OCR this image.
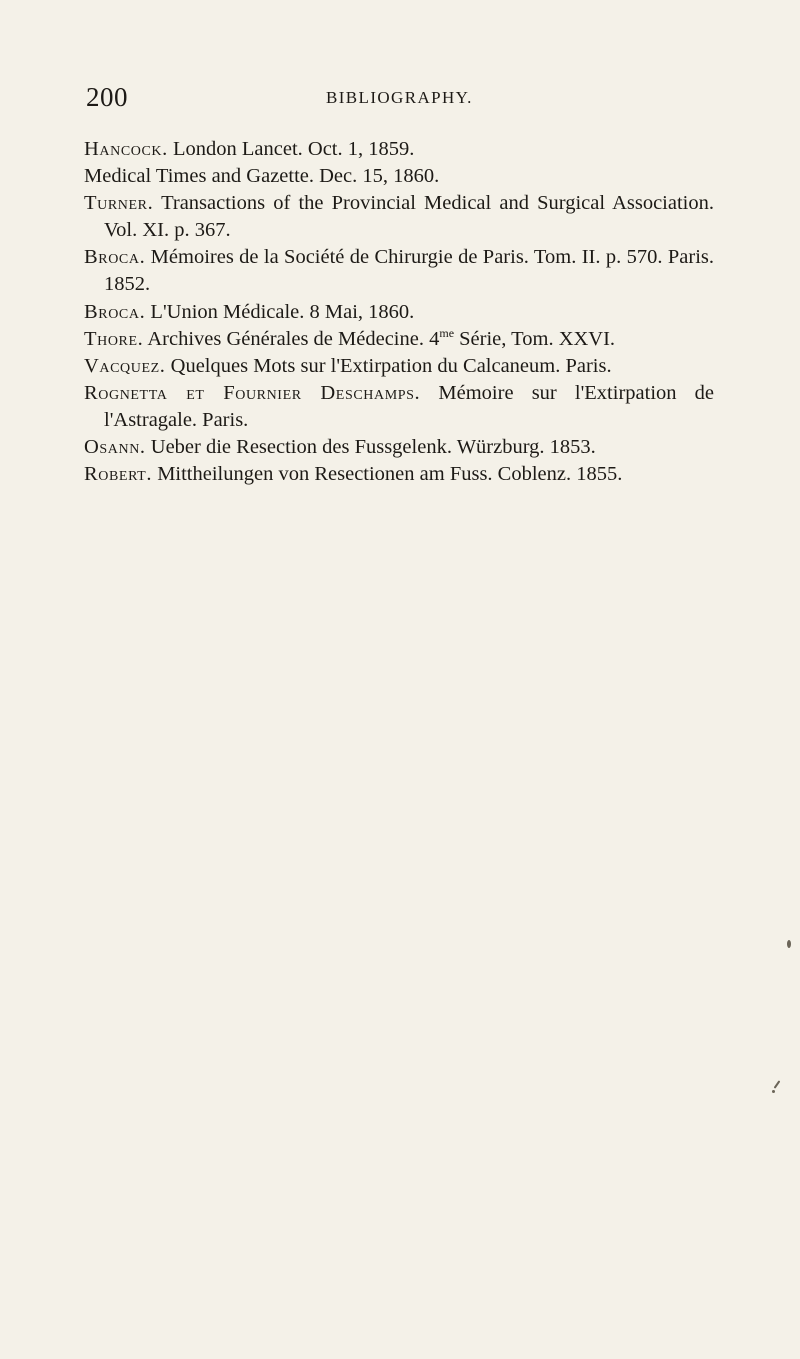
200	BIBLIOGRAPHY.

Hancock. London Lancet. Oct. 1, 1859.

Medical Times and Gazette. Dec. 15, 1860.

Turner. Transactions of the Provincial Medical and Surgical Association. Vol. XI. p. 367.

Broca. Mémoires de la Société de Chirurgie de Paris. Tom. II. p. 570. Paris. 1852.

Broca. L'Union Médicale. 8 Mai, 1860.

Thore. Archives Générales de Médecine. $4^{me}$ Série, Tom. XXVI.

Vacquez. Quelques Mots sur l'Extirpation du Calcaneum. Paris.

Rognetta et Fournier Deschamps. Mémoire sur l'Extirpation de l'Astragale. Paris.

Osann. Ueber die Resection des Fussgelenk. Würzburg. 1853.

Robert. Mittheilungen von Resectionen am Fuss. Coblenz. 1855.
